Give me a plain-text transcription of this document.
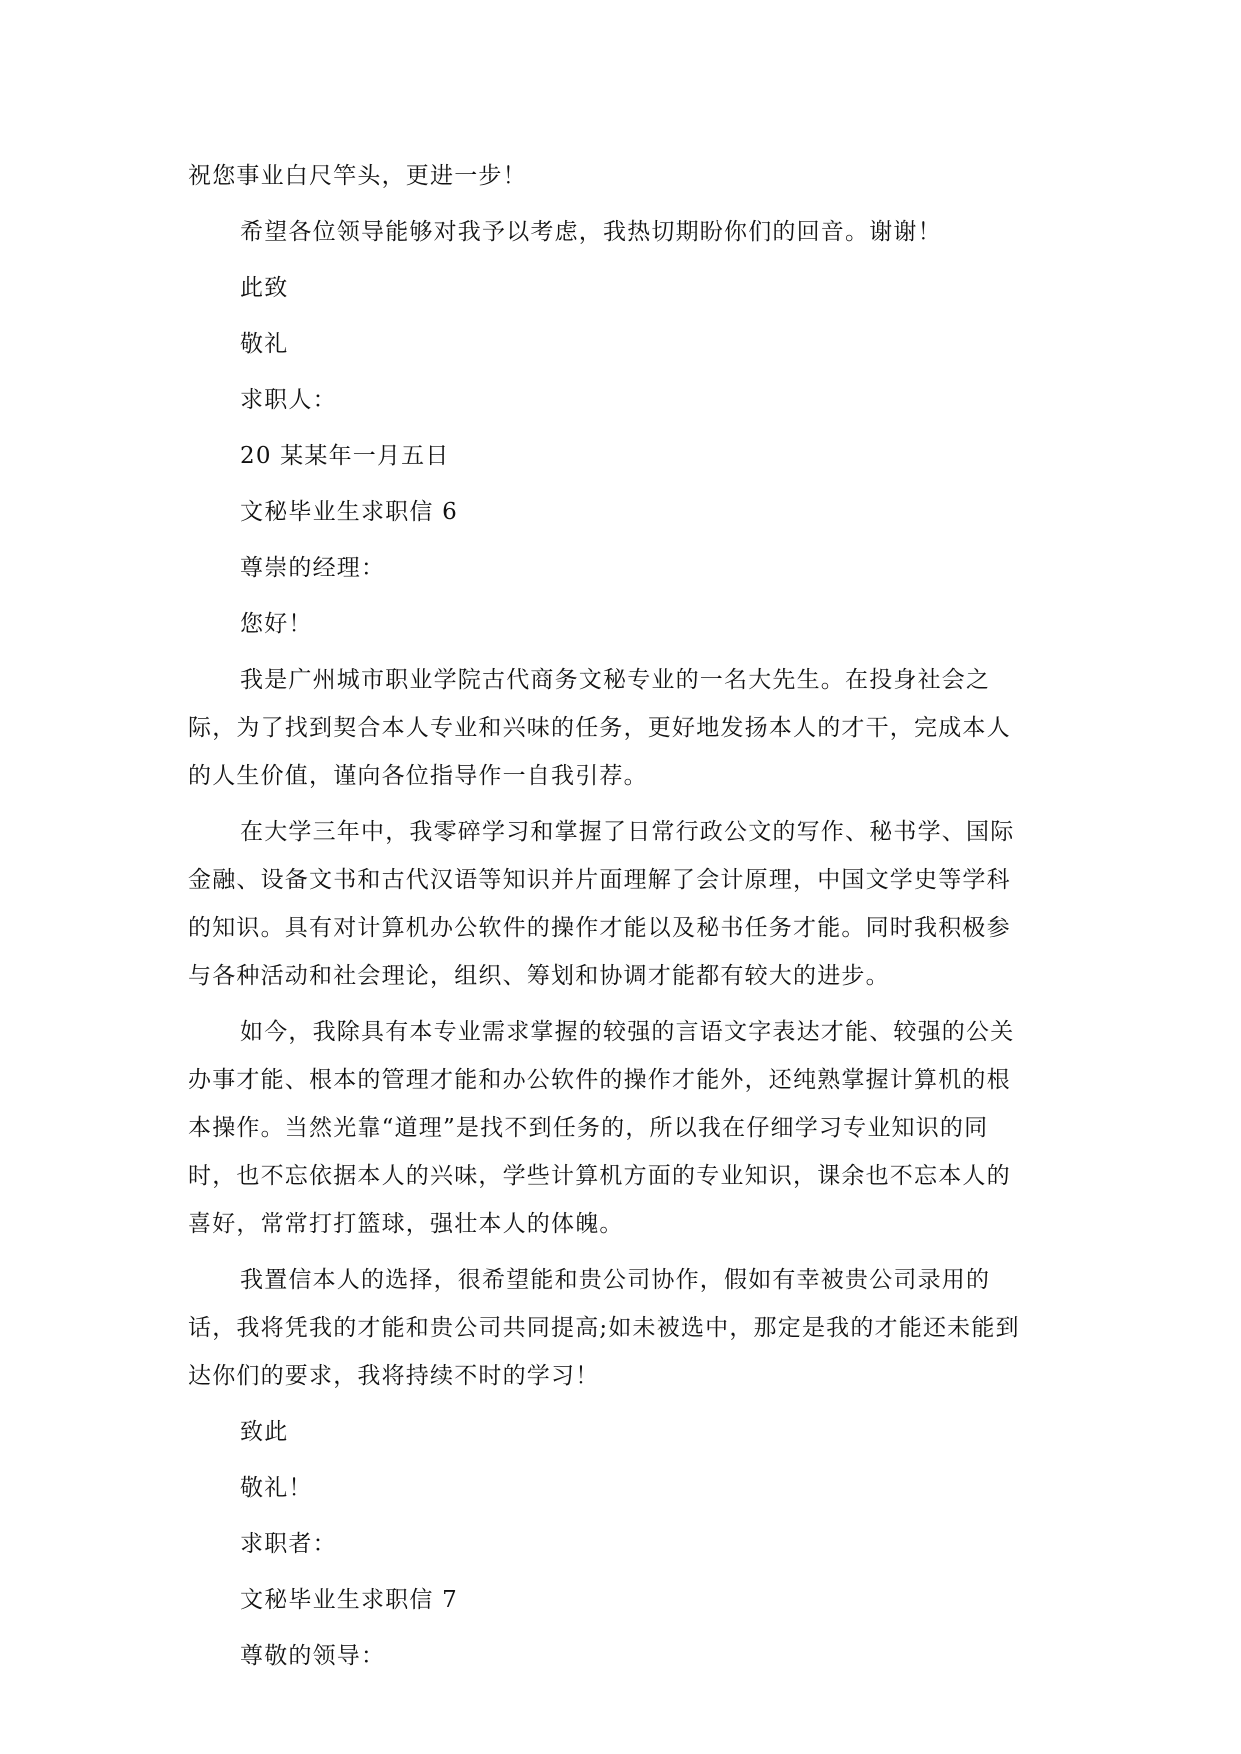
祝您事业白尺竿头，更进一步！
希望各位领导能够对我予以考虑，我热切期盼你们的回音。谢谢！
此致
敬礼
求职人：
20 某某年一月五日
文秘毕业生求职信 6
尊崇的经理：
您好！
我是广州城市职业学院古代商务文秘专业的一名大先生。在投身社会之
际，为了找到契合本人专业和兴味的任务，更好地发扬本人的才干，完成本人
的人生价值，谨向各位指导作一自我引荐。
在大学三年中，我零碎学习和掌握了日常行政公文的写作、秘书学、国际
金融、设备文书和古代汉语等知识并片面理解了会计原理，中国文学史等学科
的知识。具有对计算机办公软件的操作才能以及秘书任务才能。同时我积极参
与各种活动和社会理论，组织、筹划和协调才能都有较大的进步。
如今，我除具有本专业需求掌握的较强的言语文字表达才能、较强的公关
办事才能、根本的管理才能和办公软件的操作才能外，还纯熟掌握计算机的根
本操作。当然光靠“道理”是找不到任务的，所以我在仔细学习专业知识的同
时，也不忘依据本人的兴味，学些计算机方面的专业知识，课余也不忘本人的
喜好，常常打打篮球，强壮本人的体魄。
我置信本人的选择，很希望能和贵公司协作，假如有幸被贵公司录用的
话，我将凭我的才能和贵公司共同提高;如未被选中，那定是我的才能还未能到
达你们的要求，我将持续不时的学习！
致此
敬礼！
求职者：
文秘毕业生求职信 7
尊敬的领导：
